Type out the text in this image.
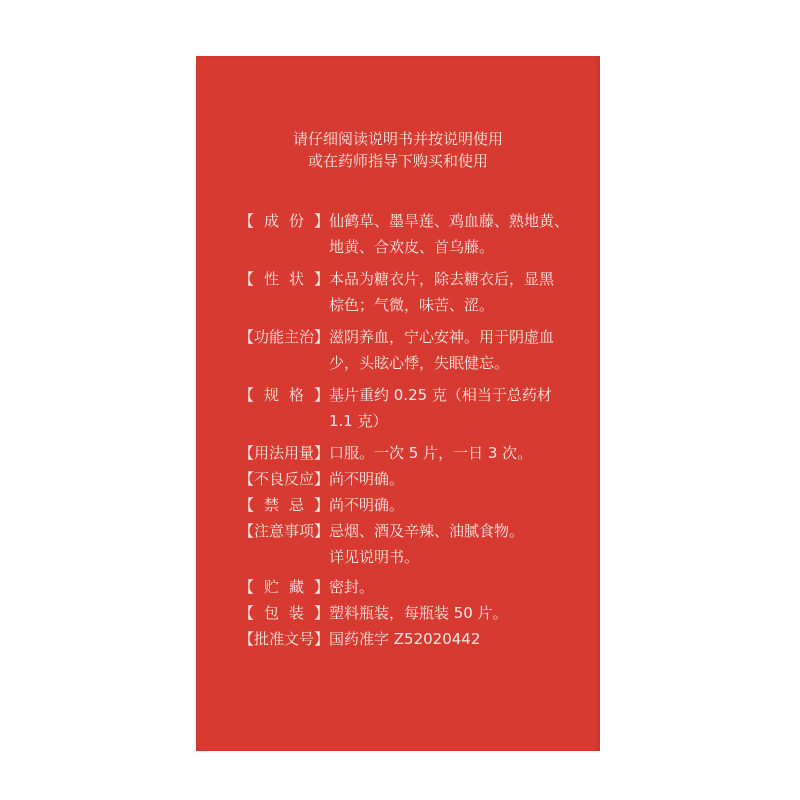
请仔细阅读说明书并按说明使用
或在药师指导下购买和使用
【 成 份 】 仙鹤草、墨旱莲、鸡血藤、熟地黄、
地黄、合欢皮、首乌藤。
【 性 状 】 本品为糖衣片，除去糖衣后，显黑
棕色；气微，味苦、涩。
【功能主治】 滋阴养血，宁心安神。用于阴虚血
少，头眩心悸，失眠健忘。
【 规 格 】 基片重约 0.25 克（相当于总药材
1.1 克）
【用法用量】 口服。一次 5 片，一日 3 次。
【不良反应】 尚不明确。
【 禁 忌 】 尚不明确。
【注意事项】 忌烟、酒及辛辣、油腻食物。
详见说明书。
【 贮 藏 】 密封。
【 包 装 】 塑料瓶装，每瓶装 50 片。
【批准文号】 国药准字 Z52020442
